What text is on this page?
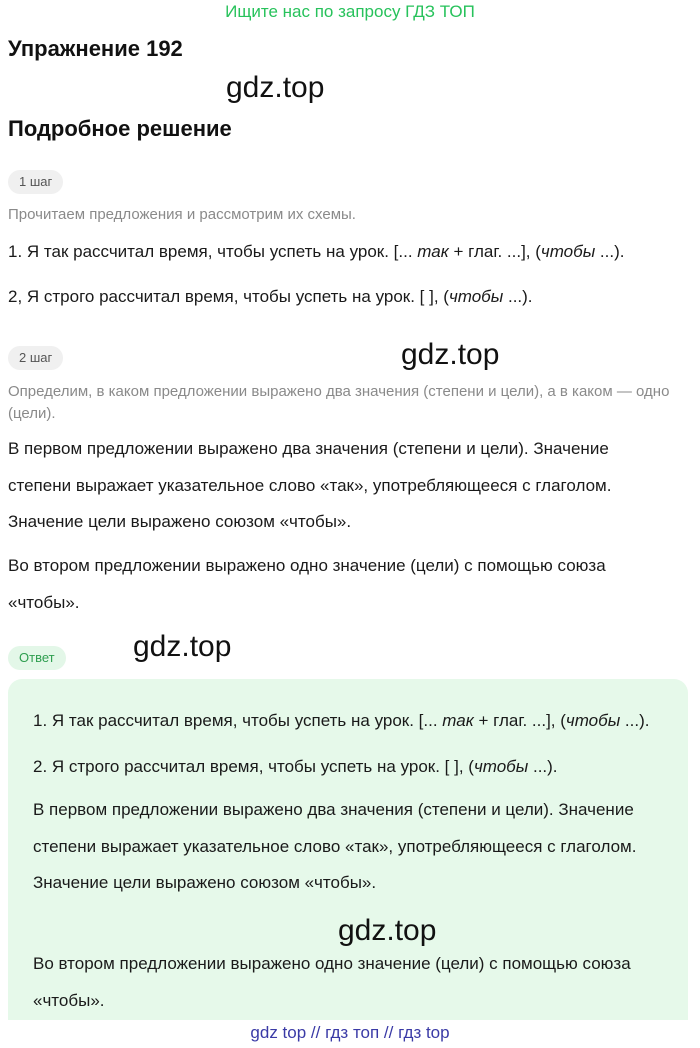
Ищите нас по запросу ГДЗ ТОП
Упражнение 192
gdz.top
Подробное решение
1 шаг

Прочитаем предложения и рассмотрим их схемы.

1. Я так рассчитал время, чтобы успеть на урок. [... так + глаг. ...], (чтобы ...).

2, Я строго рассчитал время, чтобы успеть на урок. [ ], (чтобы ...).

2 шаг	gdz.top

Определим, в каком предложении выражено два значения (степени и цели), а в каком — одно (цели).

В первом предложении выражено два значения (степени и цели). Значение степени выражает указательное слово «так», употребляющееся с глаголом. Значение цели выражено союзом «чтобы».

Во втором предложении выражено одно значение (цели) с помощью союза «чтобы».

Ответ	gdz.top

1. Я так рассчитал время, чтобы успеть на урок. [... так + глаг. ...], (чтобы ...).

2. Я строго рассчитал время, чтобы успеть на урок. [ ], (чтобы ...).

В первом предложении выражено два значения (степени и цели). Значение степени выражает указательное слово «так», употребляющееся с глаголом. Значение цели выражено союзом «чтобы».

gdz.top

Во втором предложении выражено одно значение (цели) с помощью союза «чтобы».

gdz top // гдз топ // гдз top
